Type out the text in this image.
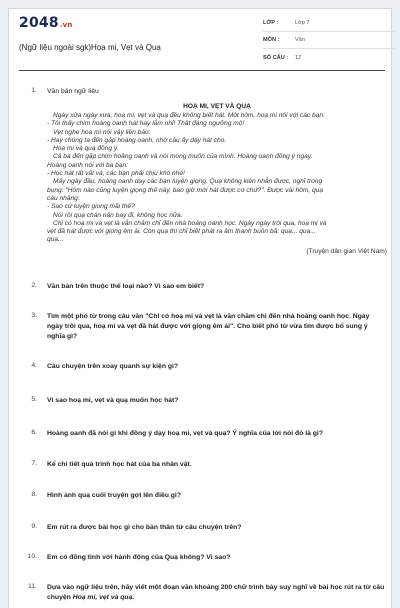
2048.vn
(Ngữ liệu ngoài sgk)Họa mi, Vẹt và Quạ
LỚP :	Lớp 7
MÔN :	Văn
SỐ CÂU :	12
1. Văn bản ngữ liệu
HOẠ MI, VẸT VÀ QUẠ

Ngày xửa ngày xưa, hoạ mi, vẹt và quạ đều không biết hát. Một hôm, hoạ mi nói với các bạn:

- Tôi thấy chim hoàng oanh hát hay lắm nhỉ! Thật đáng ngưỡng mộ!

Vẹt nghe hoạ mi nói vậy liền bảo:

- Hay chúng ta đến gặp hoàng oanh, nhờ cậu ấy dạy hát cho.

Hoạ mi và quạ đồng ý.

Cả ba đến gặp chim hoàng oanh và nói mong muốn của mình. Hoàng oanh đồng ý ngay.

Hoàng oanh nói với ba bạn:

- Học hát rất vất vả, các bạn phải chịu khó nhé!

Mấy ngày đầu, hoàng oanh dạy các bạn luyện giọng. Quạ không kiên nhẫn được, nghĩ trong

bụng: "Hôm nào cũng luyện giọng thế này, bao giờ mới hát được cơ chứ?". Được vài hôm, quạ

cáu nhặng:

- Sao cứ luyện giọng mãi thế?

Nói rồi quạ chán nản bay đi, không học nữa.

Chỉ có hoạ mi và vẹt là vẫn chăm chỉ đến nhà hoàng oanh học. Ngày ngày trôi qua, hoạ mi và

vẹt đã hát được với giọng êm ái. Còn quạ thì chỉ biết phát ra âm thanh buồn bã: quạ... quạ...

quạ...

(Truyện dân gian Việt Nam)
2. Văn bản trên thuộc thể loại nào? Vì sao em biết?
3. Tìm một phó từ trong câu văn "Chỉ có hoạ mi và vẹt là văn chăm chỉ đến nhà hoàng oanh học. Ngày ngày trôi qua, hoạ mi và vẹt đã hát được với giọng êm ái". Cho biết phó từ vừa tìm được bổ sung ý nghĩa gì?
4. Câu chuyện trên xoay quanh sự kiện gì?
5. Vì sao hoạ mi, vẹt và quạ muốn học hát?
6. Hoàng oanh đã nói gì khi đồng ý dạy hoạ mi, vẹt và quạ? Ý nghĩa của lời nói đó là gì?
7. Kể chi tiết quá trình học hát của ba nhân vật.
8. Hình ảnh quạ cuối truyện gợi lên điều gì?
9. Em rút ra được bài học gì cho bản thân từ câu chuyện trên?
10. Em có đồng tình với hành động của Quạ không? Vì sao?
11. Dựa vào ngữ liệu trên, hãy viết một đoạn văn khoảng 200 chữ trình bày suy nghĩ về bài học rút ra từ câu chuyện Hoạ mi, vẹt và quạ.
